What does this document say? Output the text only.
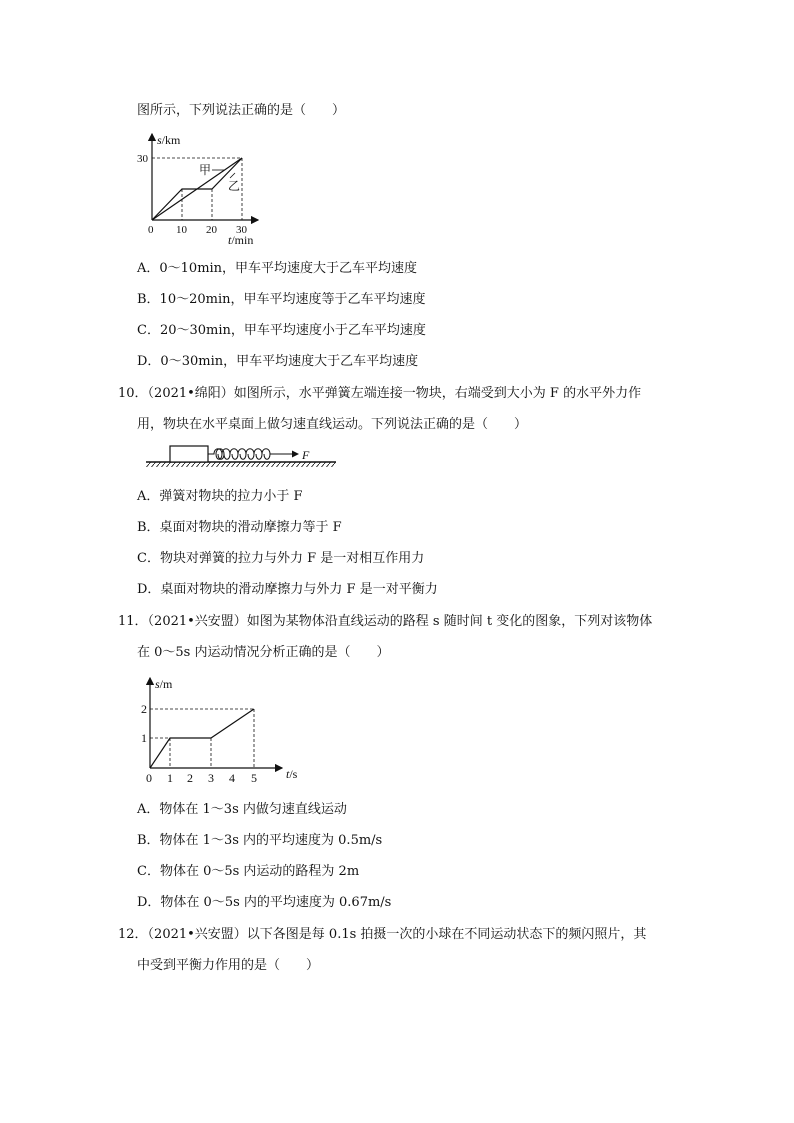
图所示，下列说法正确的是（　　）
s/km
30
0 10 20 30
t/min
甲
乙
A．0～10min，甲车平均速度大于乙车平均速度
B．10～20min，甲车平均速度等于乙车平均速度
C．20～30min，甲车平均速度小于乙车平均速度
D．0～30min，甲车平均速度大于乙车平均速度
10．（2021•绵阳）如图所示，水平弹簧左端连接一物块，右端受到大小为 F 的水平外力作
用，物块在水平桌面上做匀速直线运动。下列说法正确的是（　　）
F
A．弹簧对物块的拉力小于 F
B．桌面对物块的滑动摩擦力等于 F
C．物块对弹簧的拉力与外力 F 是一对相互作用力
D．桌面对物块的滑动摩擦力与外力 F 是一对平衡力
11．（2021•兴安盟）如图为某物体沿直线运动的路程 s 随时间 t 变化的图象，下列对该物体
在 0～5s 内运动情况分析正确的是（　　）
s/m
2
1
0 1 2 3 4 5 t/s
A．物体在 1～3s 内做匀速直线运动
B．物体在 1～3s 内的平均速度为 0.5m/s
C．物体在 0～5s 内运动的路程为 2m
D．物体在 0～5s 内的平均速度为 0.67m/s
12．（2021•兴安盟）以下各图是每 0.1s 拍摄一次的小球在不同运动状态下的频闪照片，其
中受到平衡力作用的是（　　）
